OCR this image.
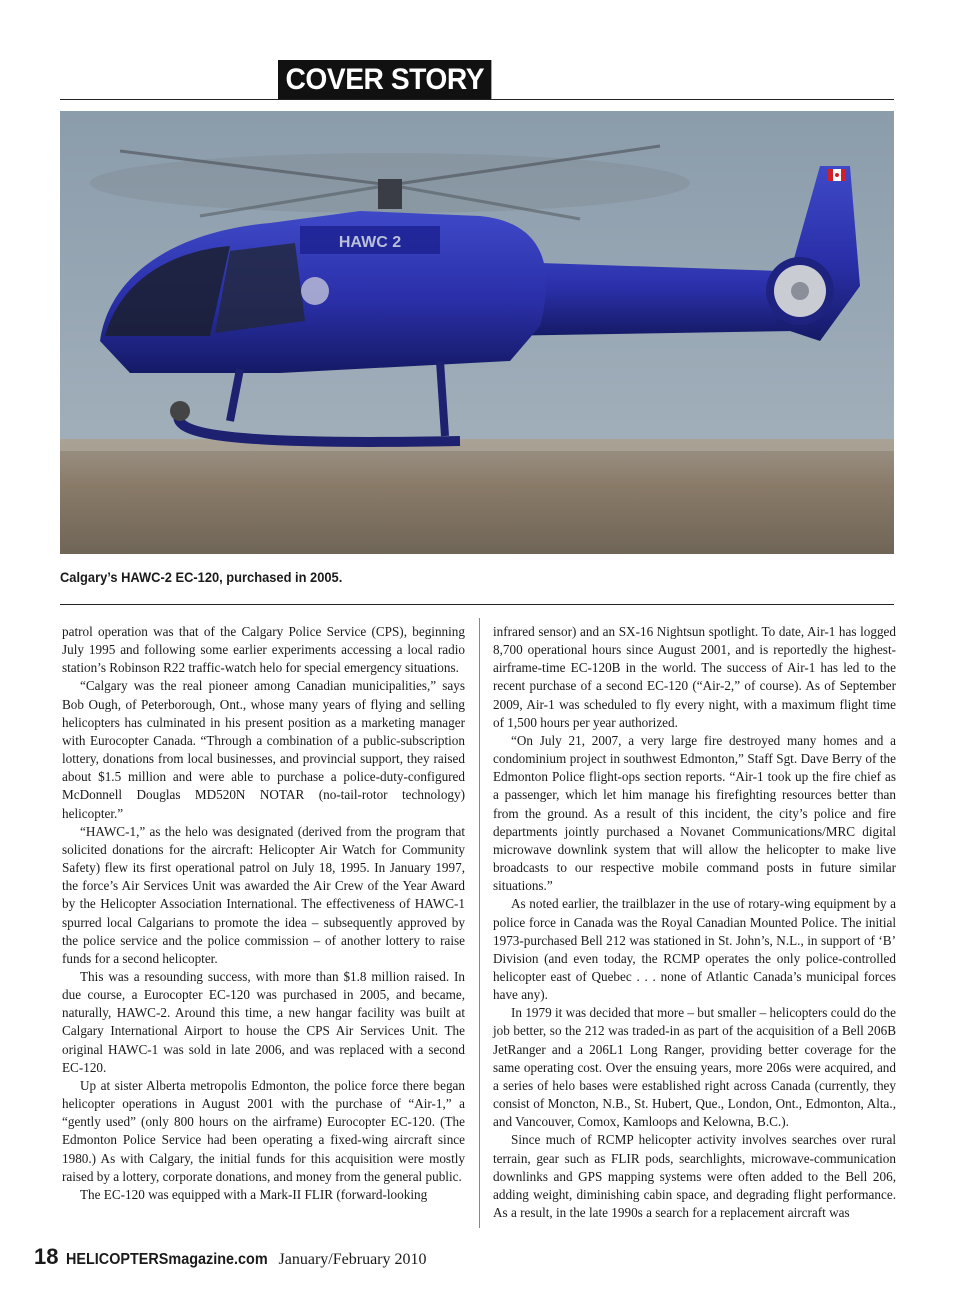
COVER STORY
HAWC 2
Calgary’s HAWC-2 EC-120, purchased in 2005.

patrol operation was that of the Calgary Police Service (CPS), beginning July 1995 and following some earlier experiments accessing a local radio station’s Robinson R22 traffic-watch helo for special emergency situations.

“Calgary was the real pioneer among Canadian municipalities,” says Bob Ough, of Peterborough, Ont., whose many years of flying and selling helicopters has culminated in his present position as a marketing manager with Eurocopter Canada. “Through a combination of a public-subscription lottery, donations from local businesses, and provincial support, they raised about $1.5 million and were able to purchase a police-duty-configured McDonnell Douglas MD520N NOTAR (no-tail-rotor technology) helicopter.”

“HAWC-1,” as the helo was designated (derived from the program that solicited donations for the aircraft: Helicopter Air Watch for Community Safety) flew its first operational patrol on July 18, 1995. In January 1997, the force’s Air Services Unit was awarded the Air Crew of the Year Award by the Helicopter Association International. The effectiveness of HAWC-1 spurred local Calgarians to promote the idea – subsequently approved by the police service and the police commission – of another lottery to raise funds for a second helicopter.

This was a resounding success, with more than $1.8 million raised. In due course, a Eurocopter EC-120 was purchased in 2005, and became, naturally, HAWC-2. Around this time, a new hangar facility was built at Calgary International Airport to house the CPS Air Services Unit. The original HAWC-1 was sold in late 2006, and was replaced with a second EC-120.

Up at sister Alberta metropolis Edmonton, the police force there began helicopter operations in August 2001 with the purchase of “Air-1,” a “gently used” (only 800 hours on the airframe) Eurocopter EC-120. (The Edmonton Police Service had been operating a fixed-wing aircraft since 1980.) As with Calgary, the initial funds for this acquisition were mostly raised by a lottery, corporate donations, and money from the general public.

The EC-120 was equipped with a Mark-II FLIR (forward-looking

infrared sensor) and an SX-16 Nightsun spotlight. To date, Air-1 has logged 8,700 operational hours since August 2001, and is reportedly the highest-airframe-time EC-120B in the world. The success of Air-1 has led to the recent purchase of a second EC-120 (“Air-2,” of course). As of September 2009, Air-1 was scheduled to fly every night, with a maximum flight time of 1,500 hours per year authorized.

“On July 21, 2007, a very large fire destroyed many homes and a condominium project in southwest Edmonton,” Staff Sgt. Dave Berry of the Edmonton Police flight-ops section reports. “Air-1 took up the fire chief as a passenger, which let him manage his firefighting resources better than from the ground. As a result of this incident, the city’s police and fire departments jointly purchased a Novanet Communications/MRC digital microwave downlink system that will allow the helicopter to make live broadcasts to our respective mobile command posts in future similar situations.”

As noted earlier, the trailblazer in the use of rotary-wing equipment by a police force in Canada was the Royal Canadian Mounted Police. The initial 1973-purchased Bell 212 was stationed in St. John’s, N.L., in support of ‘B’ Division (and even today, the RCMP operates the only police-controlled helicopter east of Quebec . . . none of Atlantic Canada’s municipal forces have any).

In 1979 it was decided that more – but smaller – helicopters could do the job better, so the 212 was traded-in as part of the acquisition of a Bell 206B JetRanger and a 206L1 Long Ranger, providing better coverage for the same operating cost. Over the ensuing years, more 206s were acquired, and a series of helo bases were established right across Canada (currently, they consist of Moncton, N.B., St. Hubert, Que., London, Ont., Edmonton, Alta., and Vancouver, Comox, Kamloops and Kelowna, B.C.).

Since much of RCMP helicopter activity involves searches over rural terrain, gear such as FLIR pods, searchlights, microwave-communication downlinks and GPS mapping systems were often added to the Bell 206, adding weight, diminishing cabin space, and degrading flight performance. As a result, in the late 1990s a search for a replacement aircraft was

18 HELICOPTERSmagazine.com January/February 2010
